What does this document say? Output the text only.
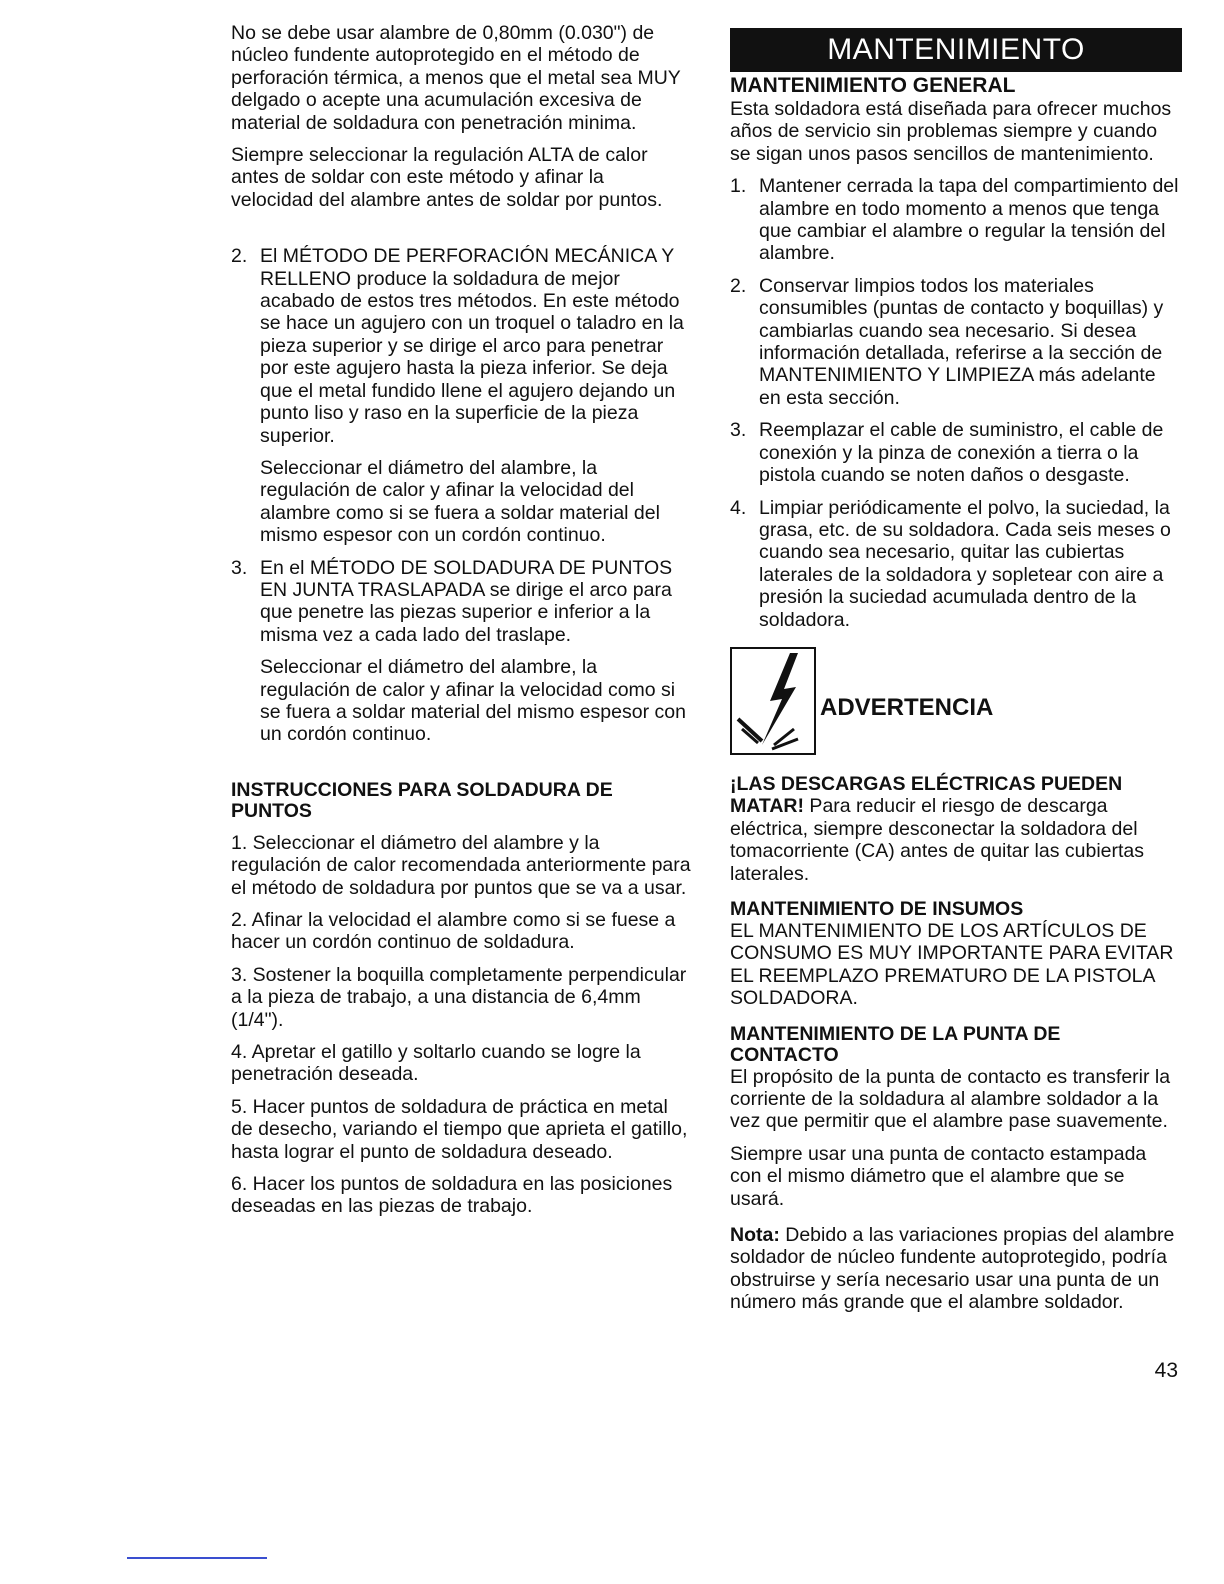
No se debe usar alambre de 0,80mm (0.030") de núcleo fundente autoprotegido en el método de perforación térmica, a menos que el metal sea MUY delgado o acepte una acumulación excesiva de material de soldadura con penetración minima.

Siempre seleccionar la regulación ALTA de calor antes de soldar con este método y afinar la velocidad del alambre antes de soldar por puntos.

2. El MÉTODO DE PERFORACIÓN MECÁNICA Y RELLENO produce la soldadura de mejor acabado de estos tres métodos. En este método se hace un agujero con un troquel o taladro en la pieza superior y se dirige el arco para penetrar por este agujero hasta la pieza inferior. Se deja que el metal fundido llene el agujero dejando un punto liso y raso en la superficie de la pieza superior.

Seleccionar el diámetro del alambre, la regulación de calor y afinar la velocidad del alambre como si se fuera a soldar material del mismo espesor con un cordón continuo.

3. En el MÉTODO DE SOLDADURA DE PUNTOS EN JUNTA TRASLAPADA se dirige el arco para que penetre las piezas superior e inferior a la misma vez a cada lado del traslape.

Seleccionar el diámetro del alambre, la regulación de calor y afinar la velocidad como si se fuera a soldar material del mismo espesor con un cordón continuo.

INSTRUCCIONES PARA SOLDADURA DE PUNTOS

1. Seleccionar el diámetro del alambre y la regulación de calor recomendada anteriormente para el método de soldadura por puntos que se va a usar.

2. Afinar la velocidad el alambre como si se fuese a hacer un cordón continuo de soldadura.

3. Sostener la boquilla completamente perpendicular a la pieza de trabajo, a una distancia de 6,4mm (1/4").

4. Apretar el gatillo y soltarlo cuando se logre la penetración deseada.

5. Hacer puntos de soldadura de práctica en metal de desecho, variando el tiempo que aprieta el gatillo, hasta lograr el punto de soldadura deseado.

6. Hacer los puntos de soldadura en las posiciones deseadas en las piezas de trabajo.

MANTENIMIENTO
MANTENIMIENTO GENERAL

Esta soldadora está diseñada para ofrecer muchos años de servicio sin problemas siempre y cuando se sigan unos pasos sencillos de mantenimiento.

1. Mantener cerrada la tapa del compartimiento del alambre en todo momento a menos que tenga que cambiar el alambre o regular la tensión del alambre.

2. Conservar limpios todos los materiales consumibles (puntas de contacto y boquillas) y cambiarlas cuando sea necesario. Si desea información detallada, referirse a la sección de MANTENIMIENTO Y LIMPIEZA más adelante en esta sección.

3. Reemplazar el cable de suministro, el cable de conexión y la pinza de conexión a tierra o la pistola cuando se noten daños o desgaste.

4. Limpiar periódicamente el polvo, la suciedad, la grasa, etc. de su soldadora. Cada seis meses o cuando sea necesario, quitar las cubiertas laterales de la soldadora y sopletear con aire a presión la suciedad acumulada dentro de la soldadora.

ADVERTENCIA

¡LAS DESCARGAS ELÉCTRICAS PUEDEN MATAR! Para reducir el riesgo de descarga eléctrica, siempre desconectar la soldadora del tomacorriente (CA) antes de quitar las cubiertas laterales.

MANTENIMIENTO DE INSUMOS

EL MANTENIMIENTO DE LOS ARTÍCULOS DE CONSUMO ES MUY IMPORTANTE PARA EVITAR EL REEMPLAZO PREMATURO DE LA PISTOLA SOLDADORA.

MANTENIMIENTO DE LA PUNTA DE CONTACTO

El propósito de la punta de contacto es transferir la corriente de la soldadura al alambre soldador a la vez que permitir que el alambre pase suavemente.

Siempre usar una punta de contacto estampada con el mismo diámetro que el alambre que se usará.

Nota: Debido a las variaciones propias del alambre soldador de núcleo fundente autoprotegido, podría obstruirse y sería necesario usar una punta de un número más grande que el alambre soldador.

43
